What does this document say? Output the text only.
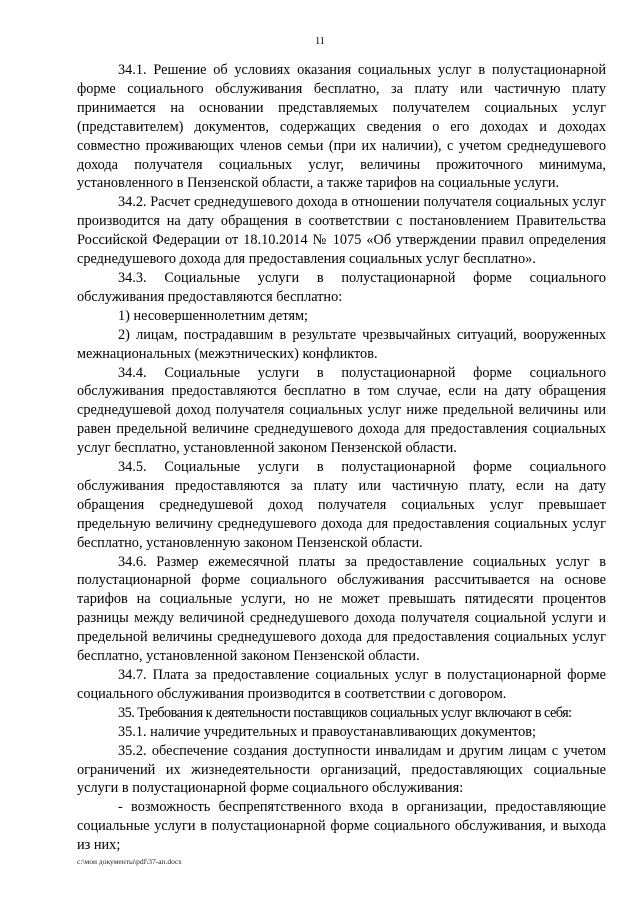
11

34.1. Решение об условиях оказания социальных услуг в полустационарной форме социального обслуживания бесплатно, за плату или частичную плату принимается на основании представляемых получателем социальных услуг (представителем) документов, содержащих сведения о его доходах и доходах совместно проживающих членов семьи (при их наличии), с учетом среднедушевого дохода получателя социальных услуг, величины прожиточного минимума, установленного в Пензенской области, а также тарифов на социальные услуги.

34.2. Расчет среднедушевого дохода в отношении получателя социальных услуг производится на дату обращения в соответствии с постановлением Правительства Российской Федерации от 18.10.2014 № 1075 «Об утверждении правил определения среднедушевого дохода для предоставления социальных услуг бесплатно».

34.3. Социальные услуги в полустационарной форме социального обслуживания предоставляются бесплатно:

1) несовершеннолетним детям;

2) лицам, пострадавшим в результате чрезвычайных ситуаций, вооруженных межнациональных (межэтнических) конфликтов.

34.4. Социальные услуги в полустационарной форме социального обслуживания предоставляются бесплатно в том случае, если на дату обращения среднедушевой доход получателя социальных услуг ниже предельной величины или равен предельной величине среднедушевого дохода для предоставления социальных услуг бесплатно, установленной законом Пензенской области.

34.5. Социальные услуги в полустационарной форме социального обслуживания предоставляются за плату или частичную плату, если на дату обращения среднедушевой доход получателя социальных услуг превышает предельную величину среднедушевого дохода для предоставления социальных услуг бесплатно, установленную законом Пензенской области.

34.6. Размер ежемесячной платы за предоставление социальных услуг в полустационарной форме социального обслуживания рассчитывается на основе тарифов на социальные услуги, но не может превышать пятидесяти процентов разницы между величиной среднедушевого дохода получателя социальной услуги и предельной величины среднедушевого дохода для предоставления социальных услуг бесплатно, установленной законом Пензенской области.

34.7. Плата за предоставление социальных услуг в полустационарной форме социального обслуживания производится в соответствии с договором.

35. Требования к деятельности поставщиков социальных услуг включают в себя:

35.1. наличие учредительных и правоустанавливающих документов;

35.2. обеспечение создания доступности инвалидам и другим лицам с учетом ограничений их жизнедеятельности организаций, предоставляющих социальные услуги в полустационарной форме социального обслуживания:

- возможность беспрепятственного входа в организации, предоставляющие социальные услуги в полустационарной форме социального обслуживания, и выхода из них;

c:\мои документы\pdf\37-ап.docx
